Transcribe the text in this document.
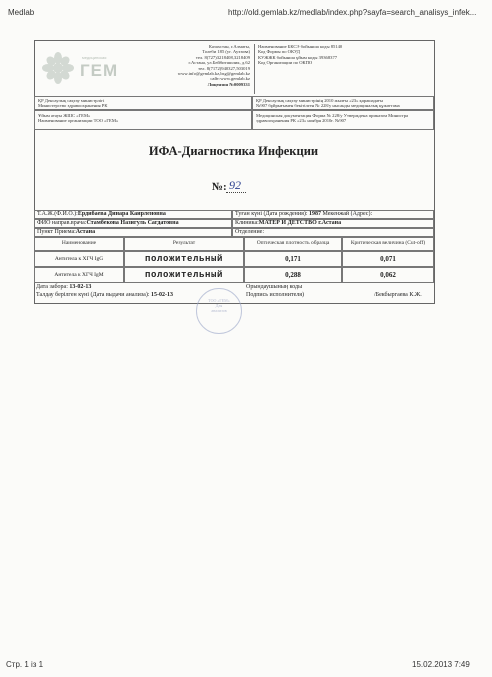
Medlab	http://old.gemlab.kz/medlab/index.php?sayfa=search_analisys_infek...
медицинская
ГЕМ
Казахстан, г.Алматы,
Толеби 185 (уг. Ауэзова)
тел. 8(727)3218408,3218409
г.Астана, ул.Бейбитшилик, д.62
тел. 8(7172)940327,503019
www.info@gemlab.kz,bsg@gemlab.kz
сайт:www.gemlab.kz
Лицензия №0009331
Наименование БКСЭ бойынша коды 85140
Код Формы по ОКУД
КУЖЖК бойынша ұйым коды 39368377
Код Организации по ОКПО
ҚР Денсаулық сақтау министрлігі
Министерство здравоохранения РК
ҚР Денсаулық сақтау министрінің 2010 жылғы «23» қарашадағы
№907 бұйрығымен бекітілген № 228/у нысанды медициналық құжаттама
Ұйым атауы ЖШС «ГЕМ»
Наименование организации ТОО «ГЕМ»
Медицинская документация Форма № 228/у Утверждена приказом Министра
здравоохранения РК «23» ноября 2010г. №907
ИФА-Диагностика Инфекции
№: 92
Т.А.Ж.(Ф.И.О.):Ердибаева Динара Каирленовна	Туған күні (Дата рождения): 1987 Мекенжай (Адрес):
ФИО направ.врача:Стамбекова Назигуль Сагдатовна	Клиника:МАТЕР И ДЕТСТВО г.Астана
Пункт Приема:Астана	Отделение:
Наименование	Результат	Оптическая плотность образца	Критическая величина (Cut-off)
Антитела к ХГЧ IgG	положительный	0,171	0,071
Антитела к ХГЧ IgM	положительный	0,288	0,062
Дата забора: 13-02-13
Талдау берілген күні (Дата выдачи анализа): 15-02-13
Орындаушының коды
Подпись исполнителя)	/Бекбыргаева К.Ж.
ТОО «ГЕМ»
Для
анализов
Стр. 1 із 1	15.02.2013 7:49
